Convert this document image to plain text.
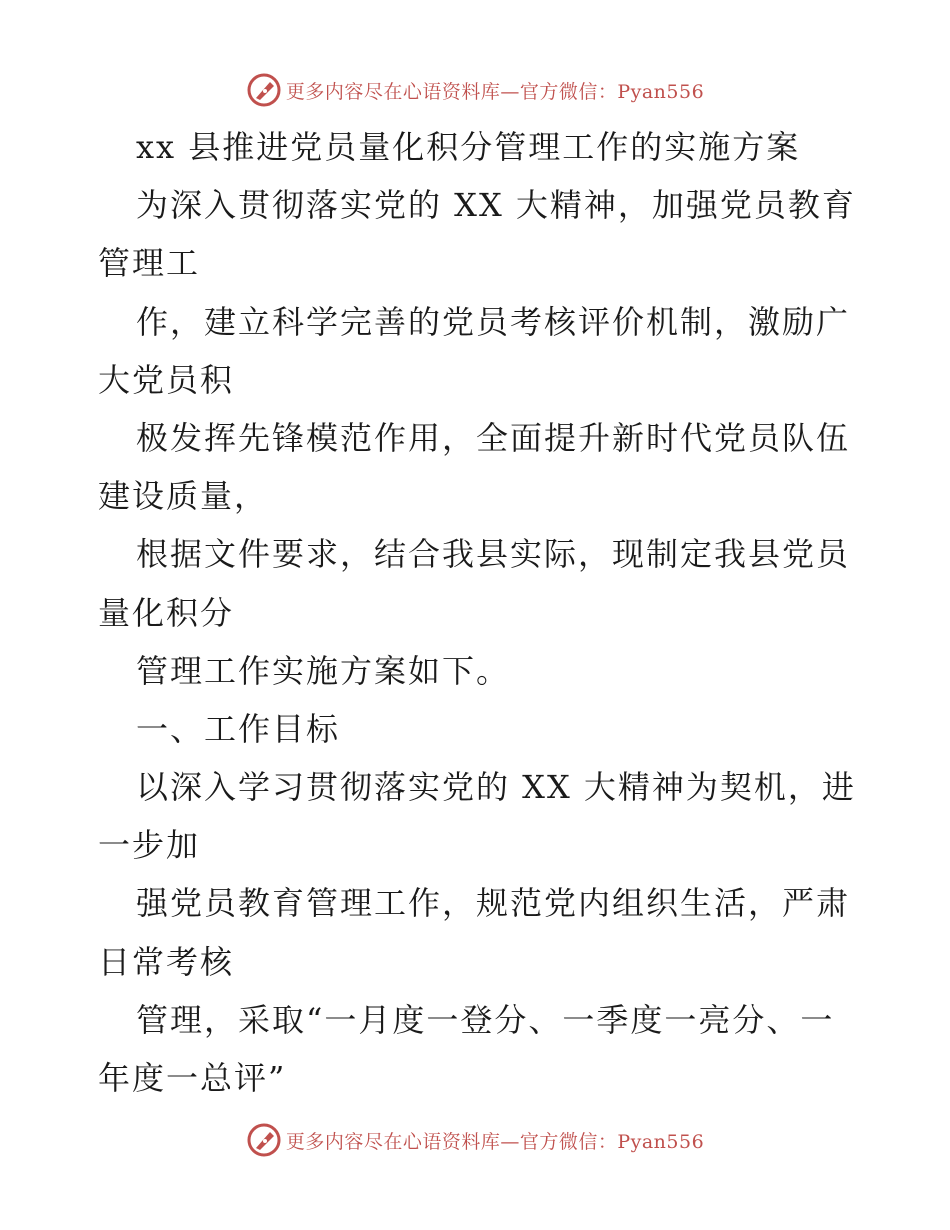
更多内容尽在心语资料库—官方微信：Pyan556
xx 县推进党员量化积分管理工作的实施方案
为深入贯彻落实党的 XX 大精神，加强党员教育
管理工
作，建立科学完善的党员考核评价机制，激励广
大党员积
极发挥先锋模范作用，全面提升新时代党员队伍
建设质量，
根据文件要求，结合我县实际，现制定我县党员
量化积分
管理工作实施方案如下。
一、工作目标
以深入学习贯彻落实党的 XX 大精神为契机，进
一步加
强党员教育管理工作，规范党内组织生活，严肃
日常考核
管理，采取“一月度一登分、一季度一亮分、一
年度一总评”
更多内容尽在心语资料库—官方微信：Pyan556
